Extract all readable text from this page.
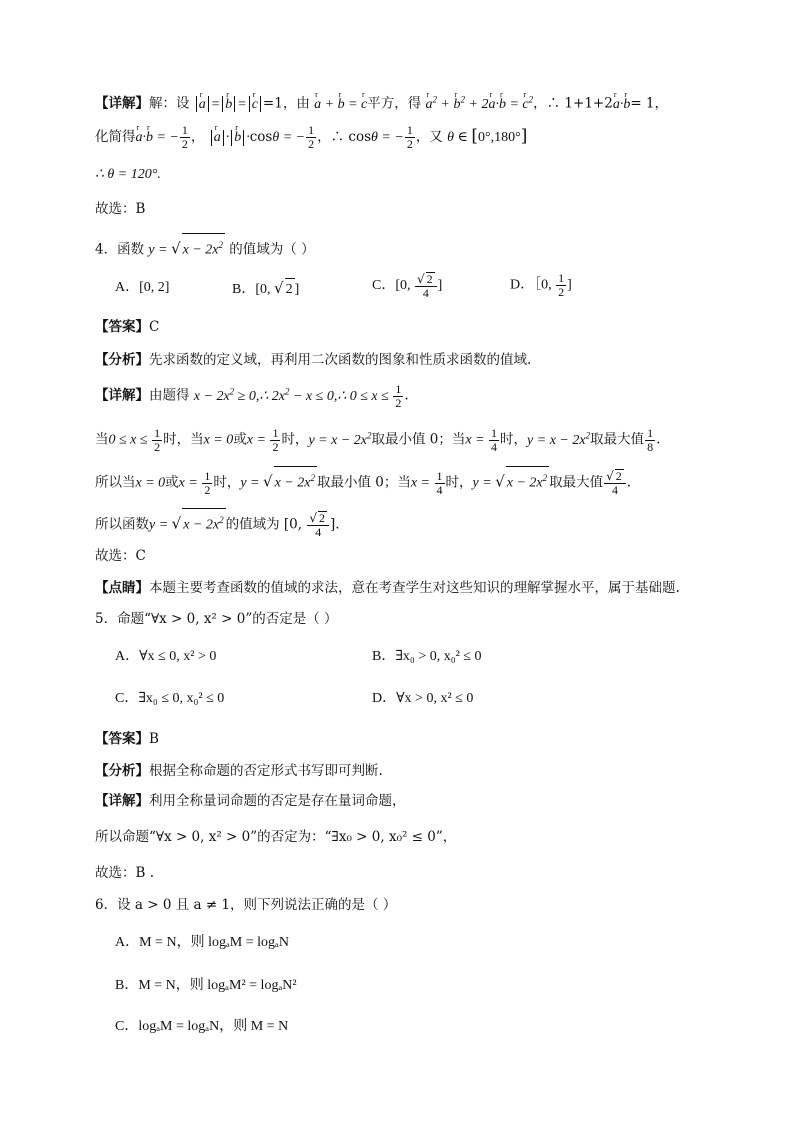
【详解】解：设 r a = r b = r c =1，由 r a + r b = r c平方，得 r $a^2 + r$ $b^2 + 2r$ a·r b = r $c^2$，∴ 1+1+2r a·r b= 1，
化简得r a·r b = − $\frac{1}{2}$ ， r a · r b ·cosθ = − $\frac{1}{2}$ ，∴ cosθ = − $\frac{1}{2}$ ，又 θ ∈ [0°,180°]
∴ θ = 120°.
故选：B
4．函数 y = √ $x - 2x^2$ 的值域为（ ）
A．[0, 2]	B．[0, √ 2 ]	C．[0, $\frac{√ 2}{4}$ ]	D．［0, $\frac{1}{2}$ ]
【答案】C
【分析】先求函数的定义域，再利用二次函数的图象和性质求函数的值域.
【详解】由题得 $x - 2x^2$ ≥ 0,∴ $2x^2 - x$ ≤ 0,∴ $0 \le x \le \frac{1}{2}$ .
当$0 \le x \le \frac{1}{2}$ 时，当x = 0或$x = \frac{1}{2}$ 时，$y = x - 2x^2$取最小值 0；当$x = \frac{1}{4}$ 时，$y = x - 2x^2$取最大值 $\frac{1}{8}$ .
所以当x = 0或$x = \frac{1}{2}$ 时，y = √ $x - 2x^2$ 取最小值 0；当$x = \frac{1}{4}$ 时，y = √ $x - 2x^2$ 取最大值 $\frac{√ 2}{4}$ .
所以函数y = √ $x - 2x^2$ 的值域为 [0, $\frac{√ 2}{4}$ ].
故选：C
【点睛】本题主要考查函数的值域的求法，意在考查学生对这些知识的理解掌握水平，属于基础题.
5．命题“∀x > 0, x² > 0”的否定是（ ）
A．∀x ≤ 0, x² > 0	B．∃x₀ > 0, x₀² ≤ 0
C．∃x₀ ≤ 0, x₀² ≤ 0	D．∀x > 0, x² ≤ 0
【答案】B
【分析】根据全称命题的否定形式书写即可判断.
【详解】利用全称量词命题的否定是存在量词命题，
所以命题“∀x > 0, x² > 0”的否定为：“∃x₀ > 0, x₀² ≤ 0”，
故选：B .
6．设 a > 0 且 a ≠ 1，则下列说法正确的是（ ）
A．M = N，则 logₐM = logₐN
B．M = N，则 logₐM² = logₐN²
C．logₐM = logₐN，则 M = N
